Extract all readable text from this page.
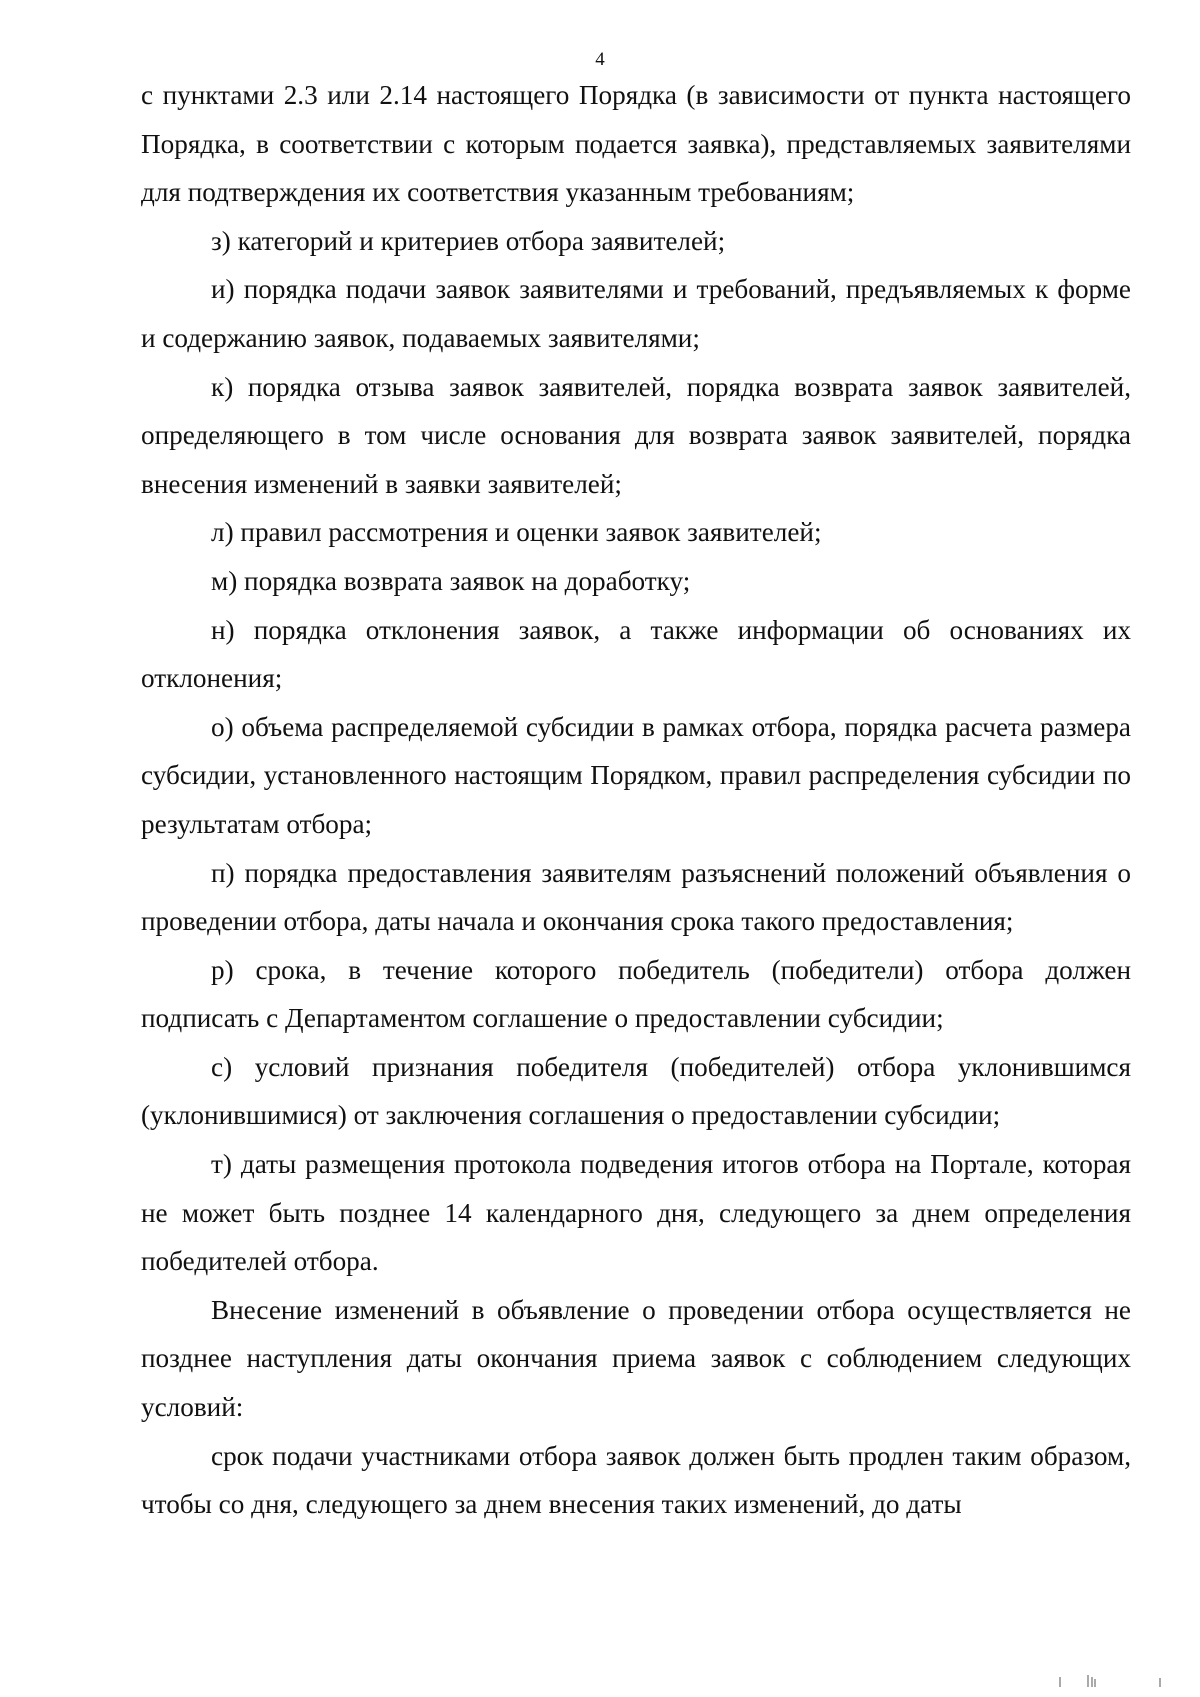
4

с пунктами 2.3 или 2.14 настоящего Порядка (в зависимости от пункта настоящего Порядка, в соответствии с которым подается заявка), представляемых заявителями для подтверждения их соответствия указанным требованиям;

з) категорий и критериев отбора заявителей;

и) порядка подачи заявок заявителями и требований, предъявляемых к форме и содержанию заявок, подаваемых заявителями;

к) порядка отзыва заявок заявителей, порядка возврата заявок заявителей, определяющего в том числе основания для возврата заявок заявителей, порядка внесения изменений в заявки заявителей;

л) правил рассмотрения и оценки заявок заявителей;

м) порядка возврата заявок на доработку;

н) порядка отклонения заявок, а также информации об основаниях их отклонения;

о) объема распределяемой субсидии в рамках отбора, порядка расчета размера субсидии, установленного настоящим Порядком, правил распределения субсидии по результатам отбора;

п) порядка предоставления заявителям разъяснений положений объявления о проведении отбора, даты начала и окончания срока такого предоставления;

р) срока, в течение которого победитель (победители) отбора должен подписать с Департаментом соглашение о предоставлении субсидии;

с) условий признания победителя (победителей) отбора уклонившимся (уклонившимися) от заключения соглашения о предоставлении субсидии;

т) даты размещения протокола подведения итогов отбора на Портале, которая не может быть позднее 14 календарного дня, следующего за днем определения победителей отбора.

Внесение изменений в объявление о проведении отбора осуществляется не позднее наступления даты окончания приема заявок с соблюдением следующих условий:

срок подачи участниками отбора заявок должен быть продлен таким образом, чтобы со дня, следующего за днем внесения таких изменений, до даты
